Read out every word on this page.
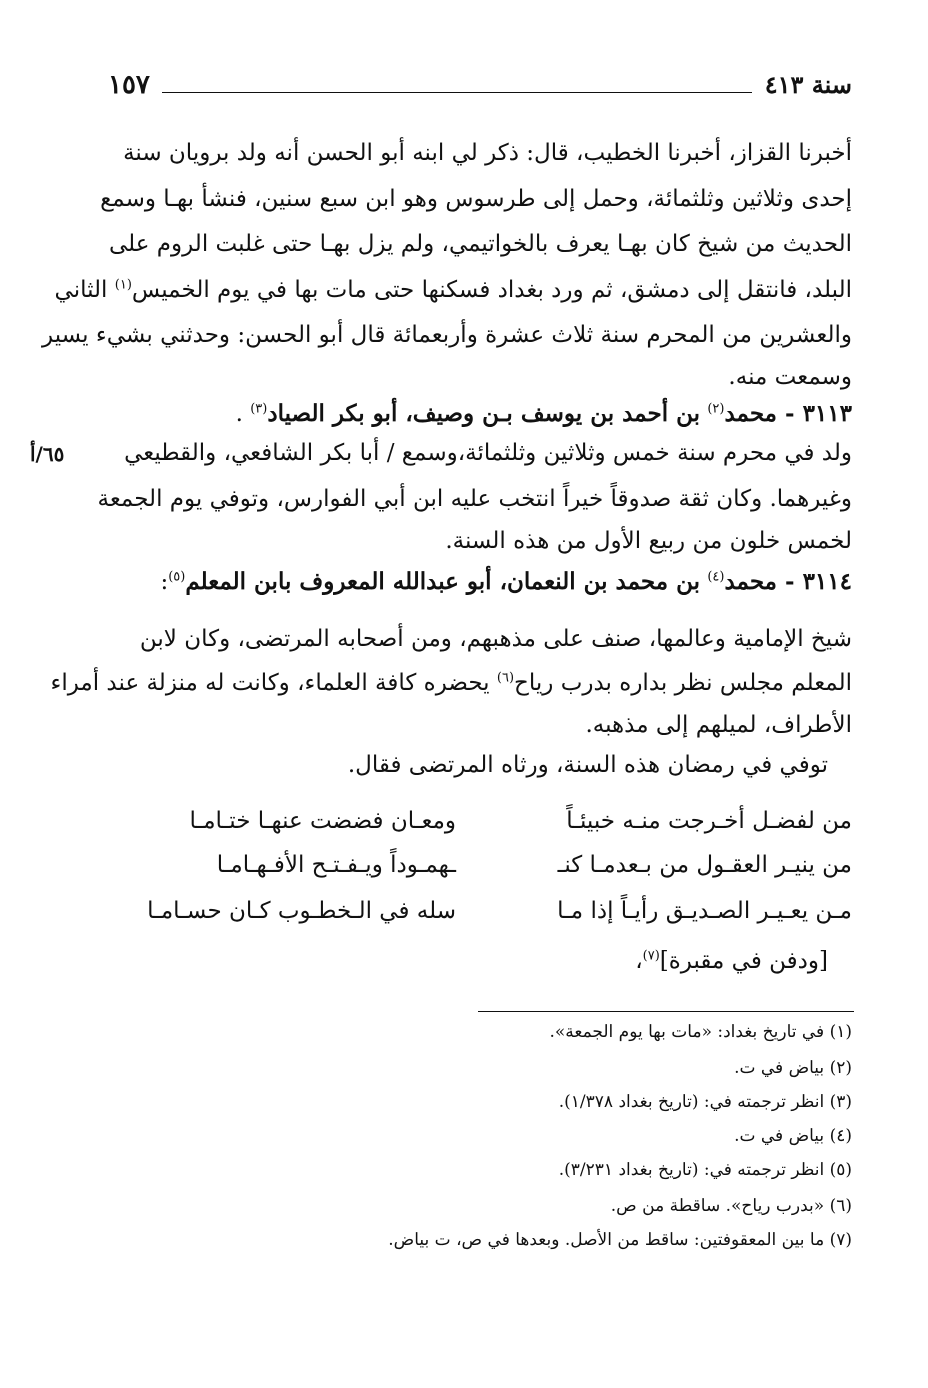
سنة ٤١٣
١٥٧
أخبرنا القزاز، أخبرنا الخطيب، قال: ذكر لي ابنه أبو الحسن أنه ولد برويان سنة
إحدى وثلاثين وثلثمائة، وحمل إلى طرسوس وهو ابن سبع سنين، فنشأ بهـا وسمع
الحديث من شيخ كان بهـا يعرف بالخواتيمي، ولم يزل بهـا حتى غلبت الروم على
البلد، فانتقل إلى دمشق، ثم ورد بغداد فسكنها حتى مات بها في يوم الخميس$^{(١)}$ الثاني
والعشرين من المحرم سنة ثلاث عشرة وأربعمائة قال أبو الحسن: وحدثني بشيء يسير
وسمعت منه.
٣١١٣ - محمد$^{(٢)}$ بن أحمد بن يوسف بـن وصيف، أبو بكر الصياد$^{(٣)}$ .
ولد في محرم سنة خمس وثلاثين وثلثمائة،وسمع / أبا بكر الشافعي، والقطيعي
٦٥/أ
وغيرهما. وكان ثقة صدوقاً خيراً انتخب عليه ابن أبي الفوارس، وتوفي يوم الجمعة
لخمس خلون من ربيع الأول من هذه السنة.
٣١١٤ - محمد$^{(٤)}$ بن محمد بن النعمان، أبو عبدالله المعروف بابن المعلم$^{(٥)}$:
شيخ الإمامية وعالمها، صنف على مذهبهم، ومن أصحابه المرتضى، وكان لابن
المعلم مجلس نظر بداره بدرب رياح$^{(٦)}$ يحضره كافة العلماء، وكانت له منزلة عند أمراء
الأطراف، لميلهم إلى مذهبه.
توفي في رمضان هذه السنة، ورثاه المرتضى فقال.
من لفضـل أخـرجت منـه خبيئـاً
ومعـان فضضت عنهـا ختـامـا
من ينيـر العقـول من بـعدمـا كنـ
ـهمـوداً ويـفـتـح الأفـهـامـا
مـن يعـيـر الصـديـق رأيـاً إذا مـا
سله في الـخطـوب كـان حسـامـا
[ودفن في مقبرة]$^{(٧)}$،
(١) في تاريخ بغداد: «مات بها يوم الجمعة».
(٢) بياض في ت.
(٣) انظر ترجمته في: (تاريخ بغداد ١/٣٧٨).
(٤) بياض في ت.
(٥) انظر ترجمته في: (تاريخ بغداد ٣/٢٣١).
(٦) «بدرب رياح». ساقطة من ص.
(٧) ما بين المعقوفتين: ساقط من الأصل. وبعدها في ص، ت بياض.
